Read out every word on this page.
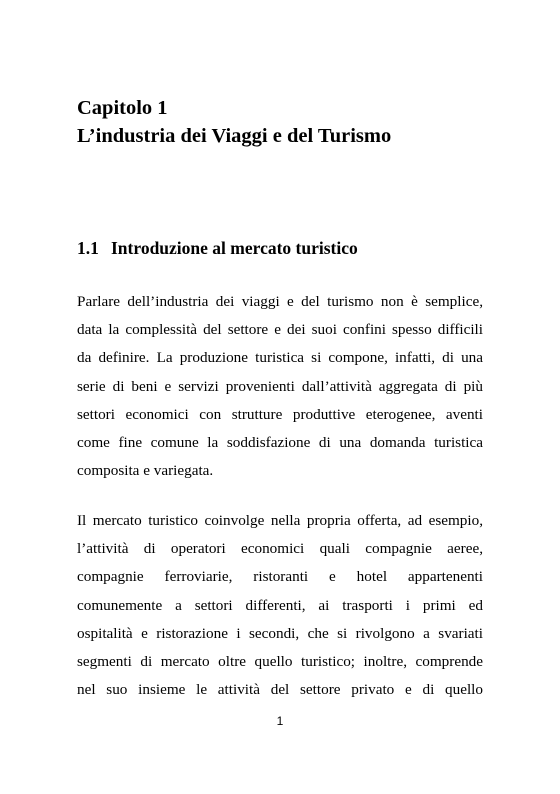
Capitolo 1
L’industria dei Viaggi e del Turismo
1.1 Introduzione al mercato turistico
Parlare dell’industria dei viaggi e del turismo non è semplice,
data la complessità del settore e dei suoi confini spesso difficili
da definire. La produzione turistica si compone, infatti, di una
serie di beni e servizi provenienti dall’attività aggregata di più
settori economici con strutture produttive eterogenee, aventi
come fine comune la soddisfazione di una domanda turistica
composita e variegata.
Il mercato turistico coinvolge nella propria offerta, ad esempio,
l’attività di operatori economici quali compagnie aeree,
compagnie ferroviarie, ristoranti e hotel appartenenti
comunemente a settori differenti, ai trasporti i primi ed
ospitalità e ristorazione i secondi, che si rivolgono a svariati
segmenti di mercato oltre quello turistico; inoltre, comprende
nel suo insieme le attività del settore privato e di quello
1
